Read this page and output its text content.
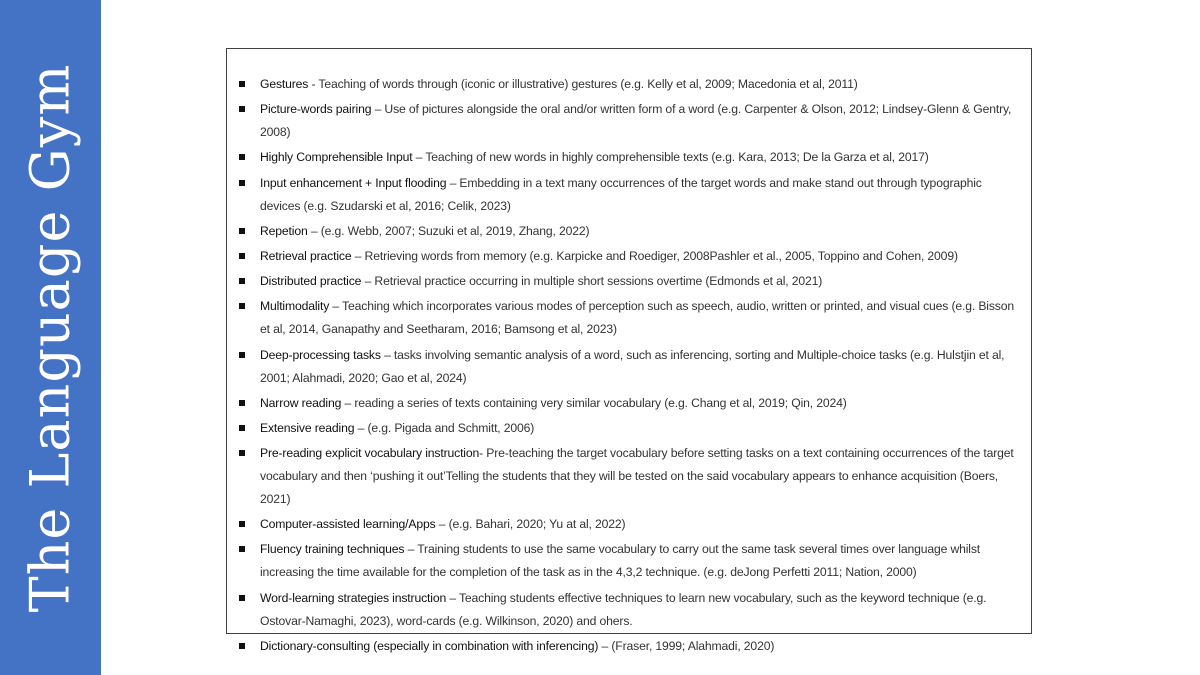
The Language Gym	Gestures - Teaching of words through (iconic or illustrative) gestures (e.g. Kelly et al, 2009; Macedonia et al, 2011)
Picture-words pairing – Use of pictures alongside the oral and/or written form of a word (e.g. Carpenter & Olson, 2012; Lindsey-Glenn & Gentry, 2008)
Highly Comprehensible Input – Teaching of new words in highly comprehensible texts (e.g. Kara, 2013; De la Garza et al, 2017)
Input enhancement + Input flooding – Embedding in a text many occurrences of the target words and make stand out through typographic devices (e.g. Szudarski et al, 2016; Celik, 2023)
Repetion – (e.g. Webb, 2007; Suzuki et al, 2019, Zhang, 2022)
Retrieval practice – Retrieving words from memory (e.g. Karpicke and Roediger, 2008Pashler et al., 2005, Toppino and Cohen, 2009)
Distributed practice – Retrieval practice occurring in multiple short sessions overtime (Edmonds et al, 2021)
Multimodality – Teaching which incorporates various modes of perception such as speech, audio, written or printed, and visual cues (e.g. Bisson et al, 2014, Ganapathy and Seetharam, 2016; Bamsong et al, 2023)
Deep-processing tasks – tasks involving semantic analysis of a word, such as inferencing, sorting and Multiple-choice tasks (e.g. Hulstjin et al, 2001; Alahmadi, 2020; Gao et al, 2024)
Narrow reading – reading a series of texts containing very similar vocabulary (e.g. Chang et al, 2019; Qin, 2024)
Extensive reading – (e.g. Pigada and Schmitt, 2006)
Pre-reading explicit vocabulary instruction- Pre-teaching the target vocabulary before setting tasks on a text containing occurrences of the target vocabulary and then ‘pushing it out’Telling the students that they will be tested on the said vocabulary appears to enhance acquisition (Boers, 2021)
Computer-assisted learning/Apps – (e.g. Bahari, 2020; Yu at al, 2022)
Fluency training techniques – Training students to use the same vocabulary to carry out the same task several times over language whilst increasing the time available for the completion of the task as in the 4,3,2 technique. (e.g. deJong Perfetti 2011; Nation, 2000)
Word-learning strategies instruction – Teaching students effective techniques to learn new vocabulary, such as the keyword technique (e.g. Ostovar-Namaghi, 2023), word-cards (e.g. Wilkinson, 2020) and ohers.
Dictionary-consulting (especially in combination with inferencing) – (Fraser, 1999; Alahmadi, 2020)
